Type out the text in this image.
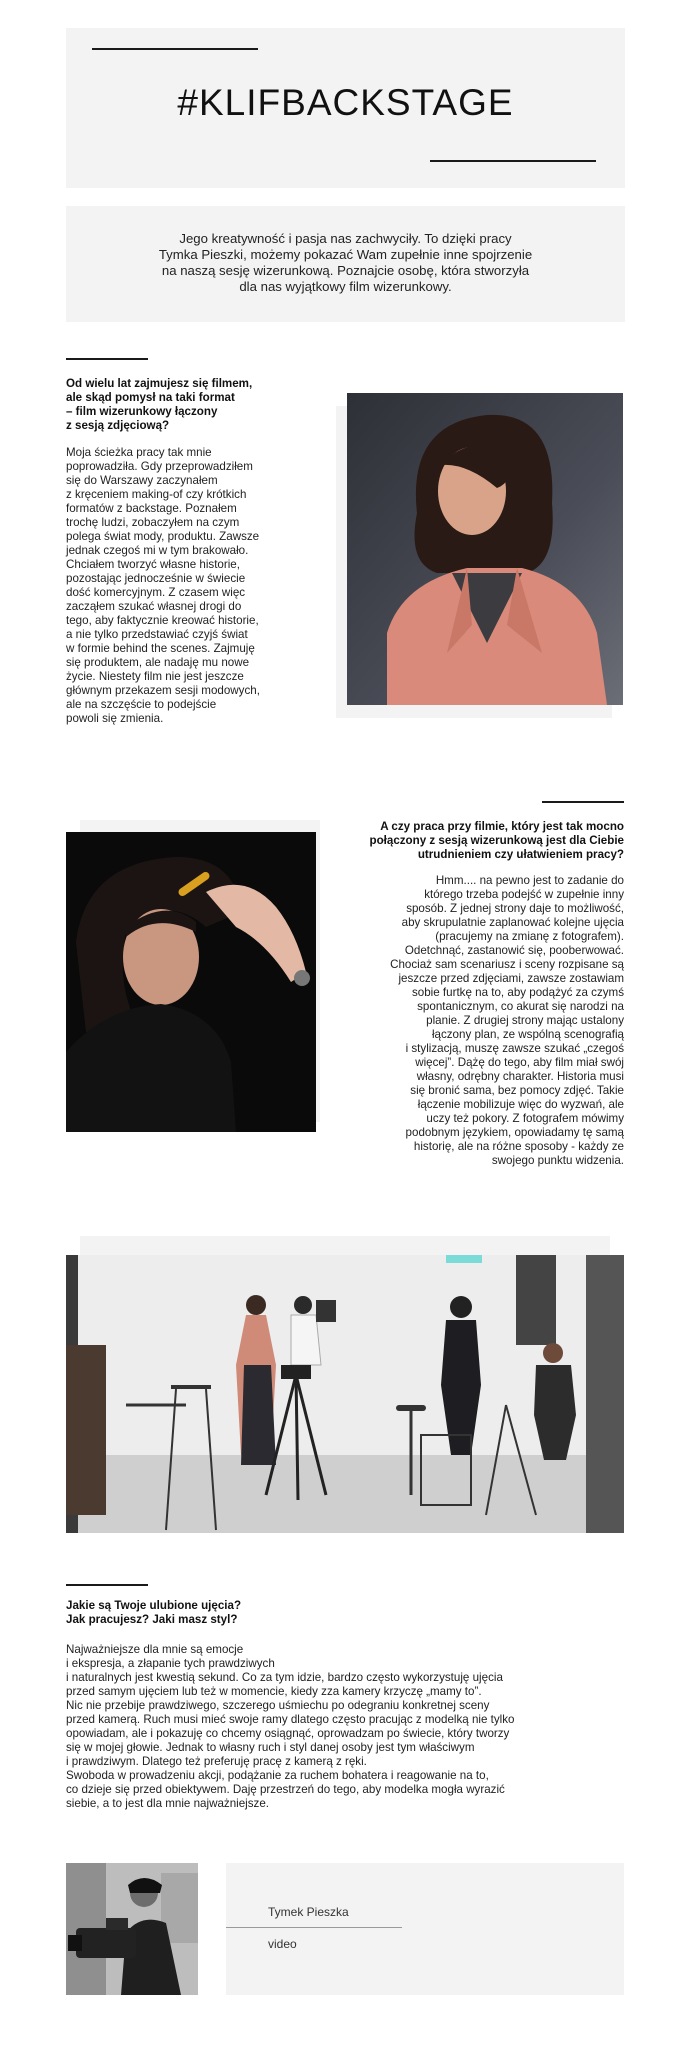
#KLIFBACKSTAGE
Jego kreatywność i pasja nas zachwyciły. To dzięki pracy
Tymka Pieszki, możemy pokazać Wam zupełnie inne spojrzenie
na naszą sesję wizerunkową. Poznajcie osobę, która stworzyła
dla nas wyjątkowy film wizerunkowy.
Od wielu lat zajmujesz się filmem,
ale skąd pomysł na taki format
– film wizerunkowy łączony
z sesją zdjęciową?
Moja ścieżka pracy tak mnie
poprowadziła. Gdy przeprowadziłem
się do Warszawy zaczynałem
z kręceniem making-of czy krótkich
formatów z backstage. Poznałem
trochę ludzi, zobaczyłem na czym
polega świat mody, produktu. Zawsze
jednak czegoś mi w tym brakowało.
Chciałem tworzyć własne historie,
pozostając jednocześnie w świecie
dość komercyjnym. Z czasem więc
zacząłem szukać własnej drogi do
tego, aby faktycznie kreować historie,
a nie tylko przedstawiać czyjś świat
w formie behind the scenes. Zajmuję
się produktem, ale nadaję mu nowe
życie. Niestety film nie jest jeszcze
głównym przekazem sesji modowych,
ale na szczęście to podejście
powoli się zmienia.
A czy praca przy filmie, który jest tak mocno
połączony z sesją wizerunkową jest dla Ciebie
utrudnieniem czy ułatwieniem pracy?
Hmm.... na pewno jest to zadanie do
którego trzeba podejść w zupełnie inny
sposób. Z jednej strony daje to możliwość,
aby skrupulatnie zaplanować kolejne ujęcia
(pracujemy na zmianę z fotografem).
Odetchnąć, zastanowić się, pooberwować.
Chociaż sam scenariusz i sceny rozpisane są
jeszcze przed zdjęciami, zawsze zostawiam
sobie furtkę na to, aby podążyć za czymś
spontanicznym, co akurat się narodzi na
planie. Z drugiej strony mając ustalony
łączony plan, ze wspólną scenografią
i stylizacją, muszę zawsze szukać „czegoś
więcej”. Dążę do tego, aby film miał swój
własny, odrębny charakter. Historia musi
się bronić sama, bez pomocy zdjęć. Takie
łączenie mobilizuje więc do wyzwań, ale
uczy też pokory. Z fotografem mówimy
podobnym językiem, opowiadamy tę samą
historię, ale na różne sposoby - każdy ze
swojego punktu widzenia.
Jakie są Twoje ulubione ujęcia?
Jak pracujesz? Jaki masz styl?
Najważniejsze dla mnie są emocje
i ekspresja, a złapanie tych prawdziwych
i naturalnych jest kwestią sekund. Co za tym idzie, bardzo często wykorzystuję ujęcia
przed samym ujęciem lub też w momencie, kiedy zza kamery krzyczę „mamy to”.
Nic nie przebije prawdziwego, szczerego uśmiechu po odegraniu konkretnej sceny
przed kamerą. Ruch musi mieć swoje ramy dlatego często pracując z modelką nie tylko
opowiadam, ale i pokazuję co chcemy osiągnąć, oprowadzam po świecie, który tworzy
się w mojej głowie. Jednak to własny ruch i styl danej osoby jest tym właściwym
i prawdziwym. Dlatego też preferuję pracę z kamerą z ręki.
Swoboda w prowadzeniu akcji, podążanie za ruchem bohatera i reagowanie na to,
co dzieje się przed obiektywem. Daję przestrzeń do tego, aby modelka mogła wyrazić
siebie, a to jest dla mnie najważniejsze.
Tymek Pieszka
video
